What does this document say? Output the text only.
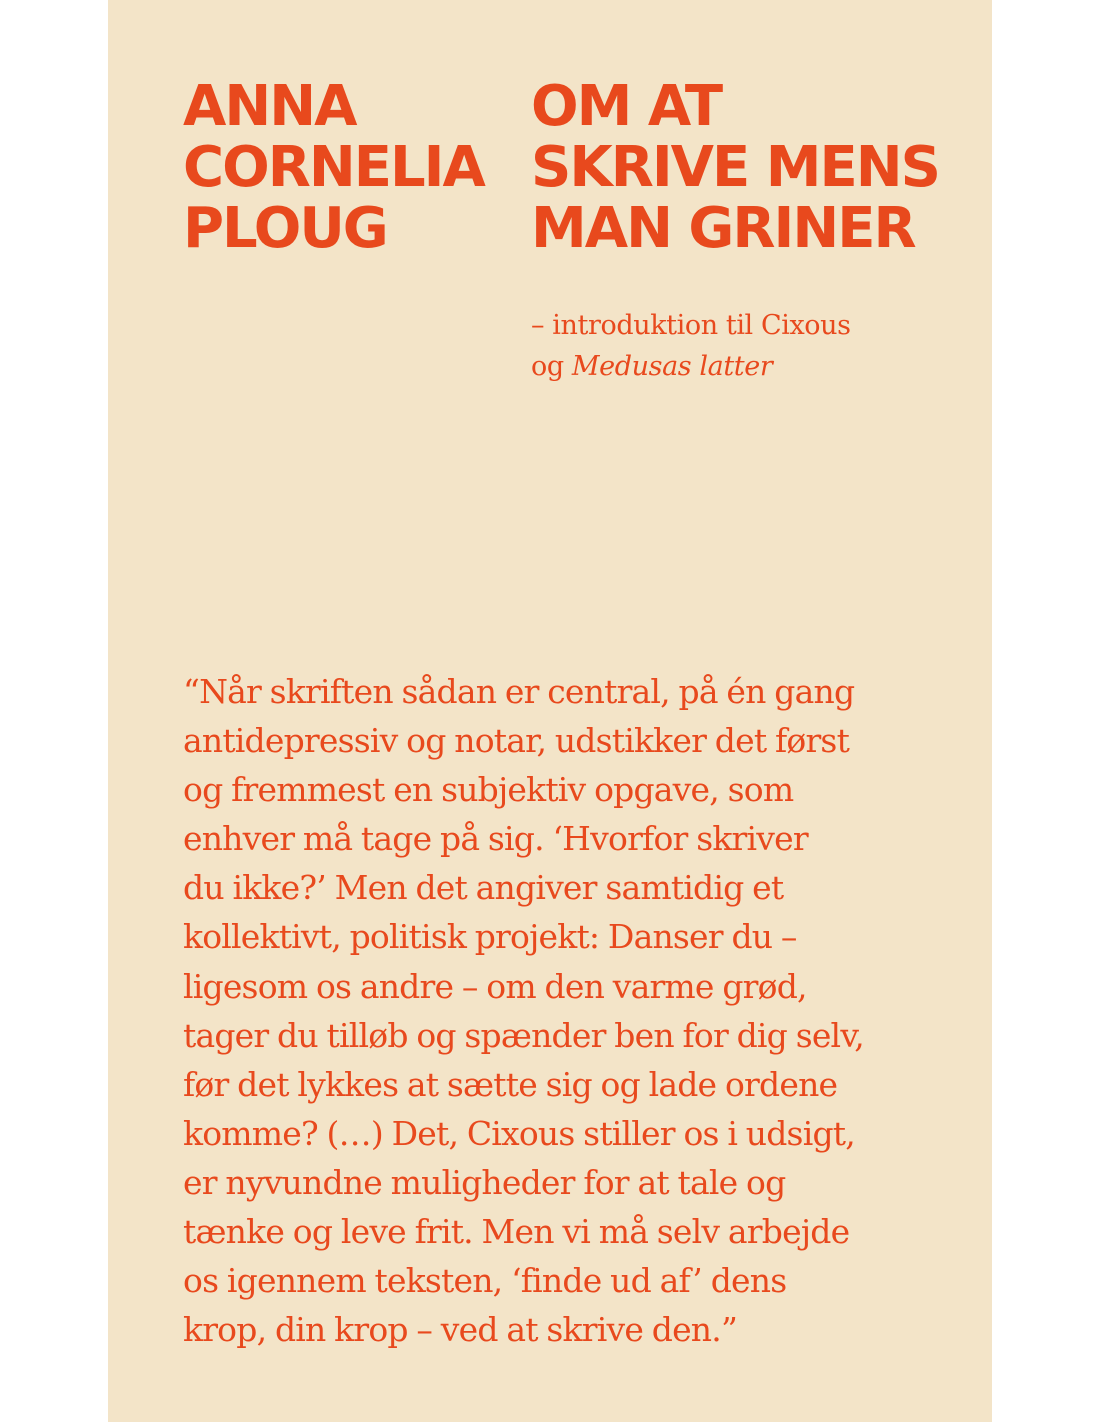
ANNA
CORNELIA
PLOUG
OM AT
SKRIVE MENS
MAN GRINER
– introduktion til Cixous
og Medusas latter
“Når skriften sådan er central, på én gang
antidepressiv og notar, udstikker det først
og fremmest en subjektiv opgave, som
enhver må tage på sig. ‘Hvorfor skriver
du ikke?’ Men det angiver samtidig et
kollektivt, politisk projekt: Danser du –
ligesom os andre – om den varme grød,
tager du tilløb og spænder ben for dig selv,
før det lykkes at sætte sig og lade ordene
komme? (…) Det, Cixous stiller os i udsigt,
er nyvundne muligheder for at tale og
tænke og leve frit. Men vi må selv arbejde
os igennem teksten, ‘finde ud af’ dens
krop, din krop – ved at skrive den.”
